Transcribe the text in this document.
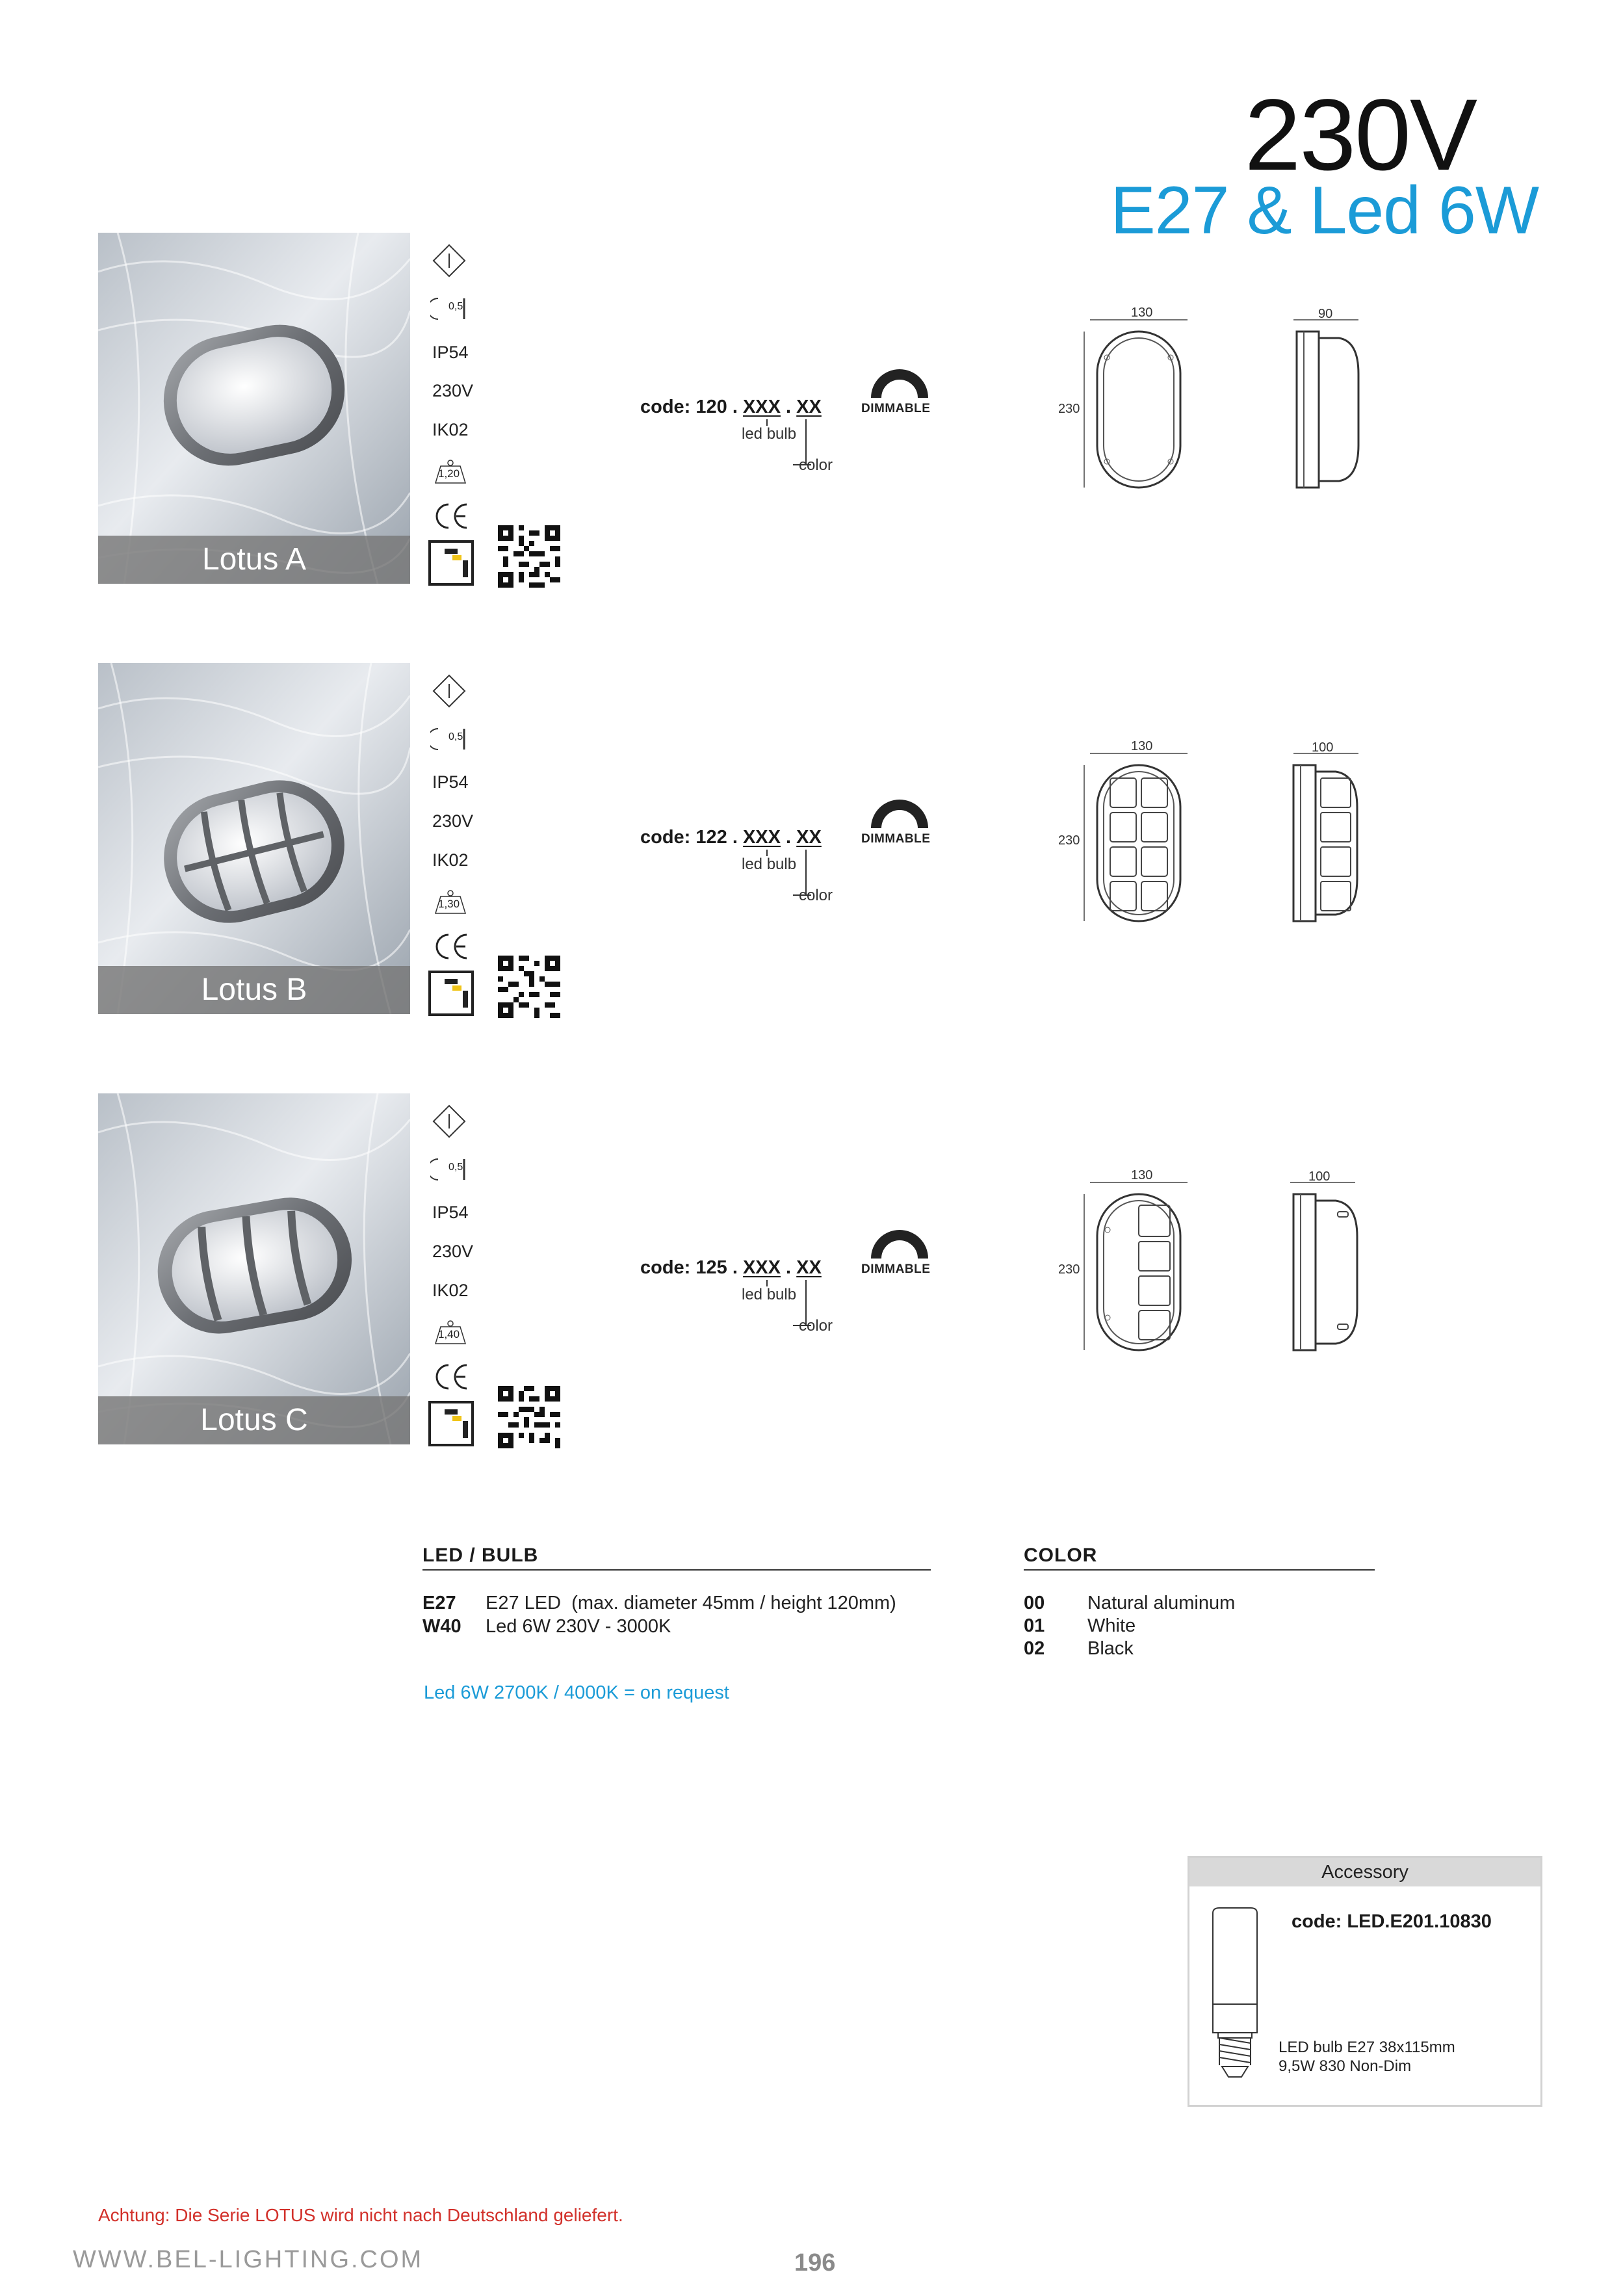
230V
E27 & Led 6W
Lotus A
0,5
IP54
230V
IK02
1,20
code: 120 . XXX . XX
led bulb
color
DIMMABLE
130	90
230
Lotus B
0,5
IP54
230V
IK02
1,30
code: 122 . XXX . XX
led bulb
color
DIMMABLE
130	100
230
Lotus C
0,5
IP54
230V
IK02
1,40
code: 125 . XXX . XX
led bulb
color
DIMMABLE
130	100
230
LED / BULB
E27	E27 LED  (max. diameter 45mm / height 120mm)
W40	Led 6W 230V - 3000K
Led 6W 2700K / 4000K = on request
COLOR
00	Natural aluminum
01	White
02	Black
Accessory
code: LED.E201.10830
LED bulb E27 38x115mm
9,5W 830 Non-Dim
Achtung: Die Serie LOTUS wird nicht nach Deutschland geliefert.
WWW.BEL-LIGHTING.COM	196
